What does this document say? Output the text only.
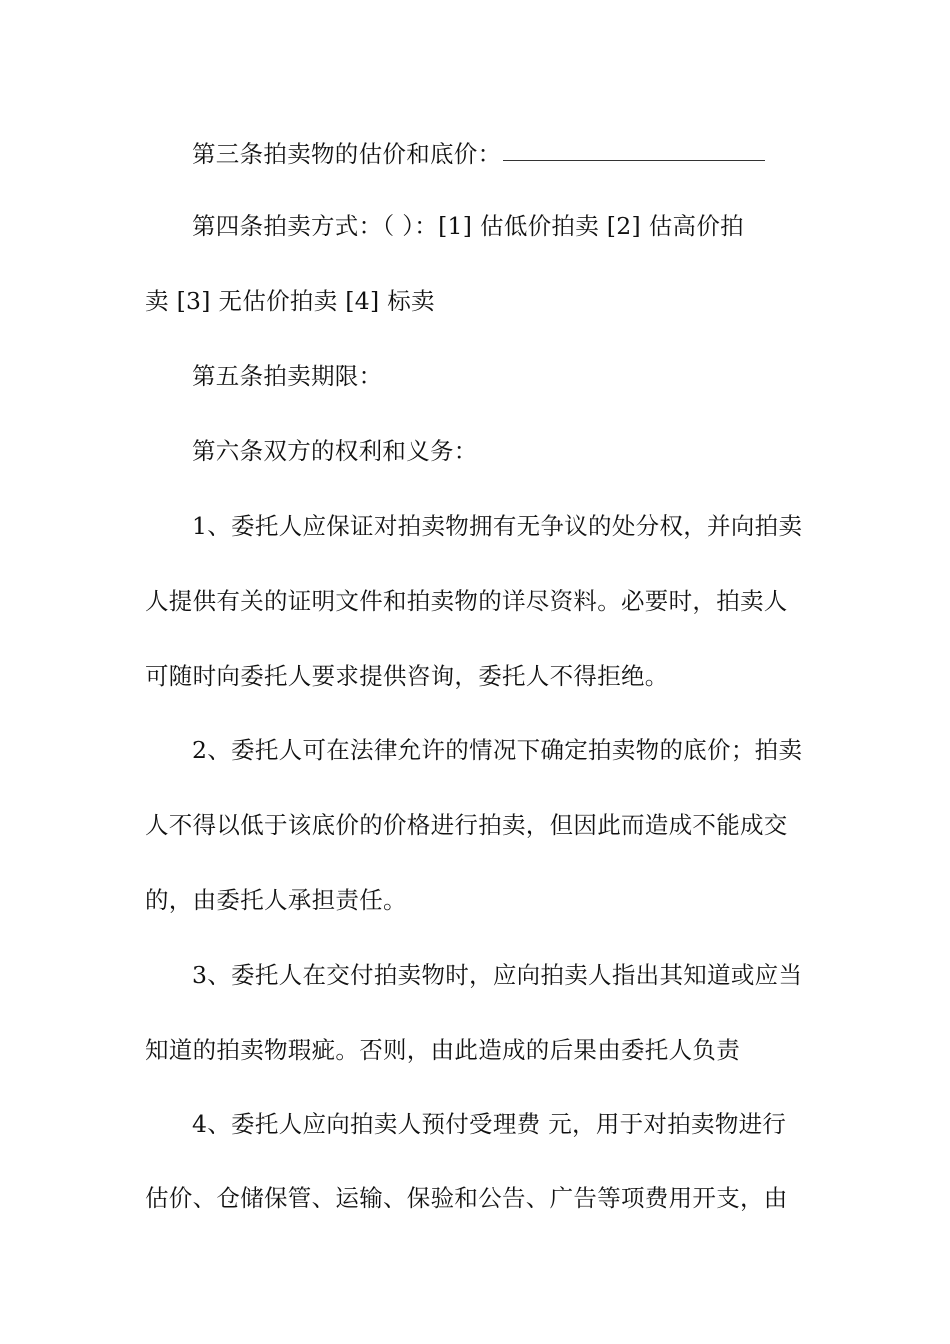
第三条拍卖物的估价和底价：
第四条拍卖方式：（ ）：[1] 估低价拍卖 [2] 估高价拍
卖 [3] 无估价拍卖 [4] 标卖
第五条拍卖期限：
第六条双方的权利和义务：
1、委托人应保证对拍卖物拥有无争议的处分权，并向拍卖
人提供有关的证明文件和拍卖物的详尽资料。必要时，拍卖人
可随时向委托人要求提供咨询，委托人不得拒绝。
2、委托人可在法律允许的情况下确定拍卖物的底价；拍卖
人不得以低于该底价的价格进行拍卖，但因此而造成不能成交
的，由委托人承担责任。
3、委托人在交付拍卖物时，应向拍卖人指出其知道或应当
知道的拍卖物瑕疵。否则，由此造成的后果由委托人负责
4、委托人应向拍卖人预付受理费 元，用于对拍卖物进行
估价、仓储保管、运输、保验和公告、广告等项费用开支，由
